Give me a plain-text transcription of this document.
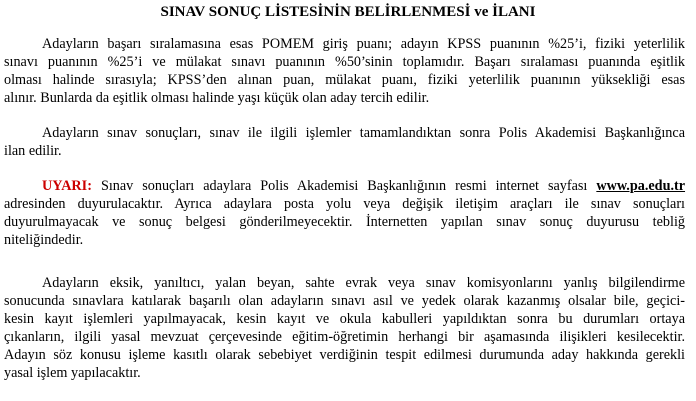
SINAV SONUÇ LİSTESİNİN BELİRLENMESİ ve İLANI
Adayların başarı sıralamasına esas POMEM giriş puanı; adayın KPSS puanının %25’i, fiziki yeterlilik
sınavı puanının %25’i ve mülakat sınavı puanının %50’sinin toplamıdır. Başarı sıralaması puanında eşitlik
olması halinde sırasıyla; KPSS’den alınan puan, mülakat puanı, fiziki yeterlilik puanının yüksekliği esas
alınır. Bunlarda da eşitlik olması halinde yaşı küçük olan aday tercih edilir.
Adayların sınav sonuçları, sınav ile ilgili işlemler tamamlandıktan sonra Polis Akademisi Başkanlığınca
ilan edilir.
UYARI: Sınav sonuçları adaylara Polis Akademisi Başkanlığının resmi internet sayfası www.pa.edu.tr
adresinden duyurulacaktır. Ayrıca adaylara posta yolu veya değişik iletişim araçları ile sınav sonuçları
duyurulmayacak ve sonuç belgesi gönderilmeyecektir. İnternetten yapılan sınav sonuç duyurusu tebliğ
niteliğindedir.
Adayların eksik, yanıltıcı, yalan beyan, sahte evrak veya sınav komisyonlarını yanlış bilgilendirme
sonucunda sınavlara katılarak başarılı olan adayların sınavı asıl ve yedek olarak kazanmış olsalar bile, geçici-
kesin kayıt işlemleri yapılmayacak, kesin kayıt ve okula kabulleri yapıldıktan sonra bu durumları ortaya
çıkanların, ilgili yasal mevzuat çerçevesinde eğitim-öğretimin herhangi bir aşamasında ilişikleri kesilecektir.
Adayın söz konusu işleme kasıtlı olarak sebebiyet verdiğinin tespit edilmesi durumunda aday hakkında gerekli
yasal işlem yapılacaktır.
